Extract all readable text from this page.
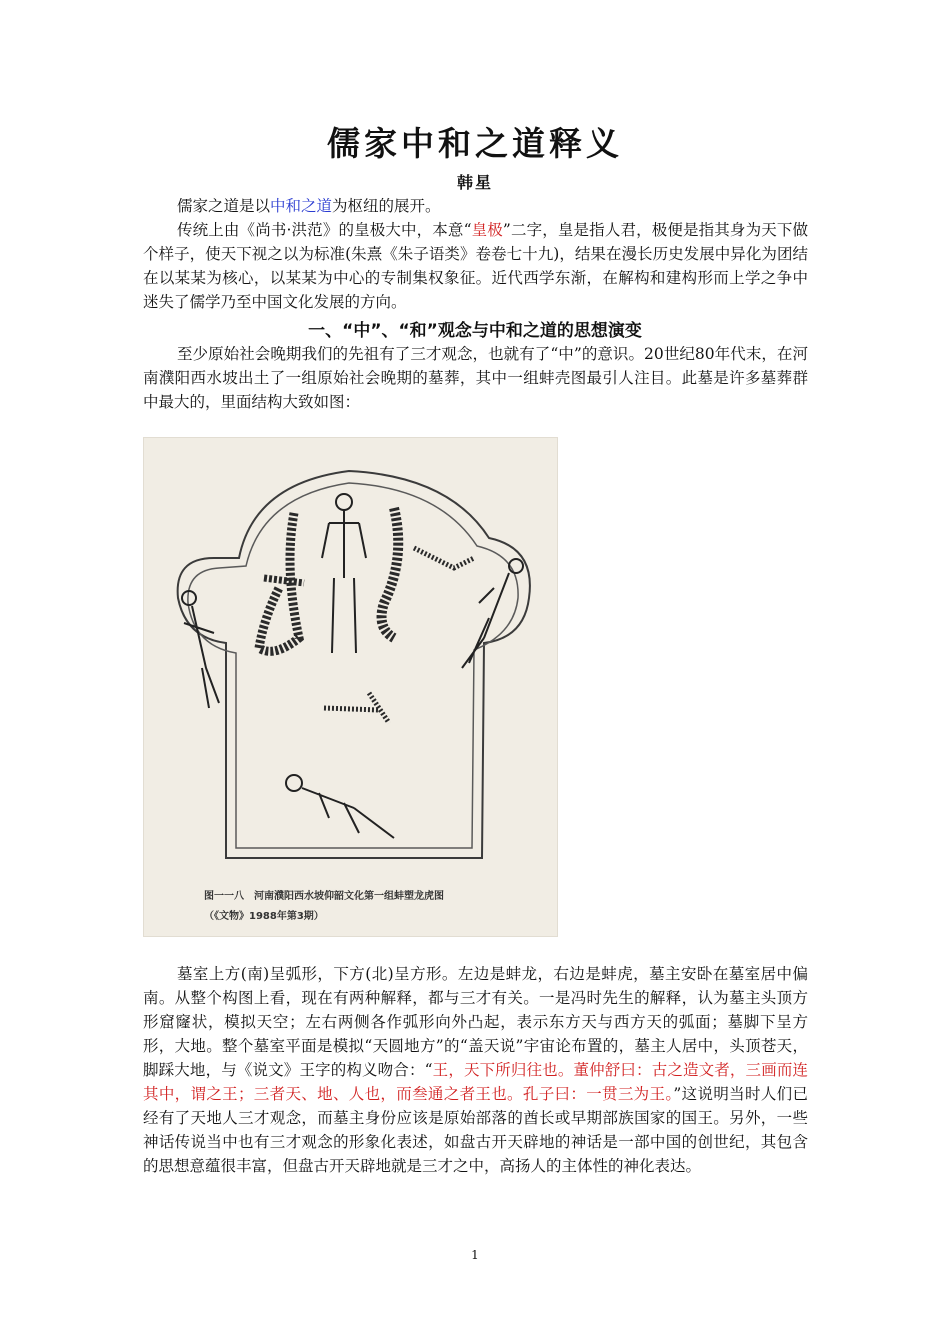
儒家中和之道释义
韩星

儒家之道是以中和之道为枢纽的展开。

传统上由《尚书·洪范》的皇极大中，本意“皇极”二字，皇是指人君，极便是指其身为天下做个样子，使天下视之以为标准(朱熹《朱子语类》卷卷七十九)，结果在漫长历史发展中异化为团结在以某某为核心，以某某为中心的专制集权象征。近代西学东渐，在解构和建构形而上学之争中迷失了儒学乃至中国文化发展的方向。

一、“中”、“和”观念与中和之道的思想演变

至少原始社会晚期我们的先祖有了三才观念，也就有了“中”的意识。20世纪80年代末，在河南濮阳西水坡出土了一组原始社会晚期的墓葬，其中一组蚌壳图最引人注目。此墓是许多墓葬群中最大的，里面结构大致如图：

图一一八　河南濮阳西水坡仰韶文化第一组蚌塑龙虎图
（《文物》1988年第3期）

墓室上方(南)呈弧形，下方(北)呈方形。左边是蚌龙，右边是蚌虎，墓主安卧在墓室居中偏南。从整个构图上看，现在有两种解释，都与三才有关。一是冯时先生的解释，认为墓主头顶方形窟窿状，模拟天空；左右两侧各作弧形向外凸起，表示东方天与西方天的弧面；墓脚下呈方形，大地。整个墓室平面是模拟“天圆地方”的“盖天说”宇宙论布置的，墓主人居中，头顶苍天，脚踩大地，与《说文》王字的构义吻合：“王，天下所归往也。董仲舒曰：古之造文者，三画而连其中，谓之王；三者天、地、人也，而叁通之者王也。孔子曰：一贯三为王。”这说明当时人们已经有了天地人三才观念，而墓主身份应该是原始部落的酋长或早期部族国家的国王。另外，一些神话传说当中也有三才观念的形象化表述，如盘古开天辟地的神话是一部中国的创世纪，其包含的思想意蕴很丰富，但盘古开天辟地就是三才之中，高扬人的主体性的神化表达。

1
